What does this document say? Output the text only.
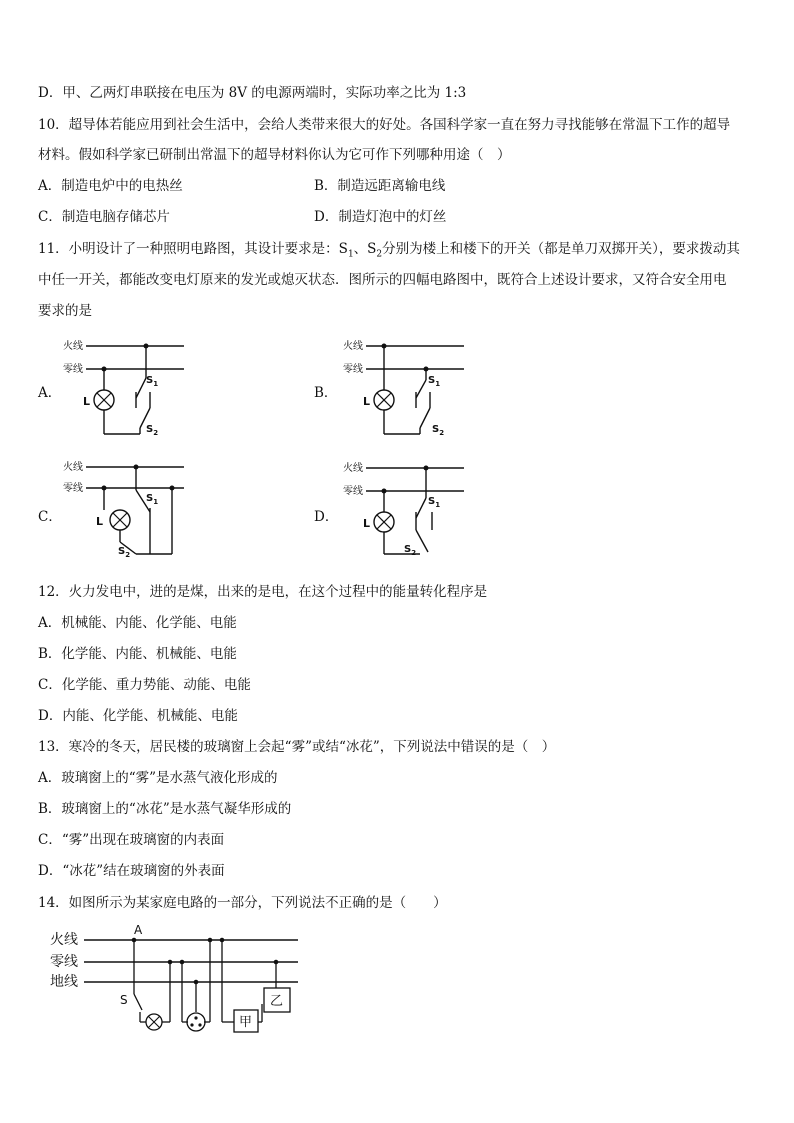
D．甲、乙两灯串联接在电压为 8V 的电源两端时，实际功率之比为 1:3
10．超导体若能应用到社会生活中，会给人类带来很大的好处。各国科学家一直在努力寻找能够在常温下工作的超导
材料。假如科学家已研制出常温下的超导材料你认为它可作下列哪种用途（　）
A．制造电炉中的电热丝	B．制造远距离输电线
C．制造电脑存储芯片	D．制造灯泡中的灯丝
11．小明设计了一种照明电路图，其设计要求是：$S_1$、$S_2$分别为楼上和楼下的开关（都是单刀双掷开关），要求拨动其
中任一开关，都能改变电灯原来的发光或熄灭状态．图所示的四幅电路图中，既符合上述设计要求，又符合安全用电
要求的是
A．	B．
C．	D．
火线
零线
L
$S_1$
$S_2$
火线
零线
L
$S_1$
$S_2$
火线
零线
L
$S_1$
$S_2$
火线
零线
L
$S_1$
$S_2$
12．火力发电中，进的是煤，出来的是电，在这个过程中的能量转化程序是
A．机械能、内能、化学能、电能
B．化学能、内能、机械能、电能
C．化学能、重力势能、动能、电能
D．内能、化学能、机械能、电能
13．寒冷的冬天，居民楼的玻璃窗上会起“雾”或结“冰花”，下列说法中错误的是（　）
A．玻璃窗上的“雾”是水蒸气液化形成的
B．玻璃窗上的“冰花”是水蒸气凝华形成的
C．“雾”出现在玻璃窗的内表面
D．“冰花”结在玻璃窗的外表面
14．如图所示为某家庭电路的一部分，下列说法不正确的是（　　）
火线
零线
地线
A
S
甲
乙
